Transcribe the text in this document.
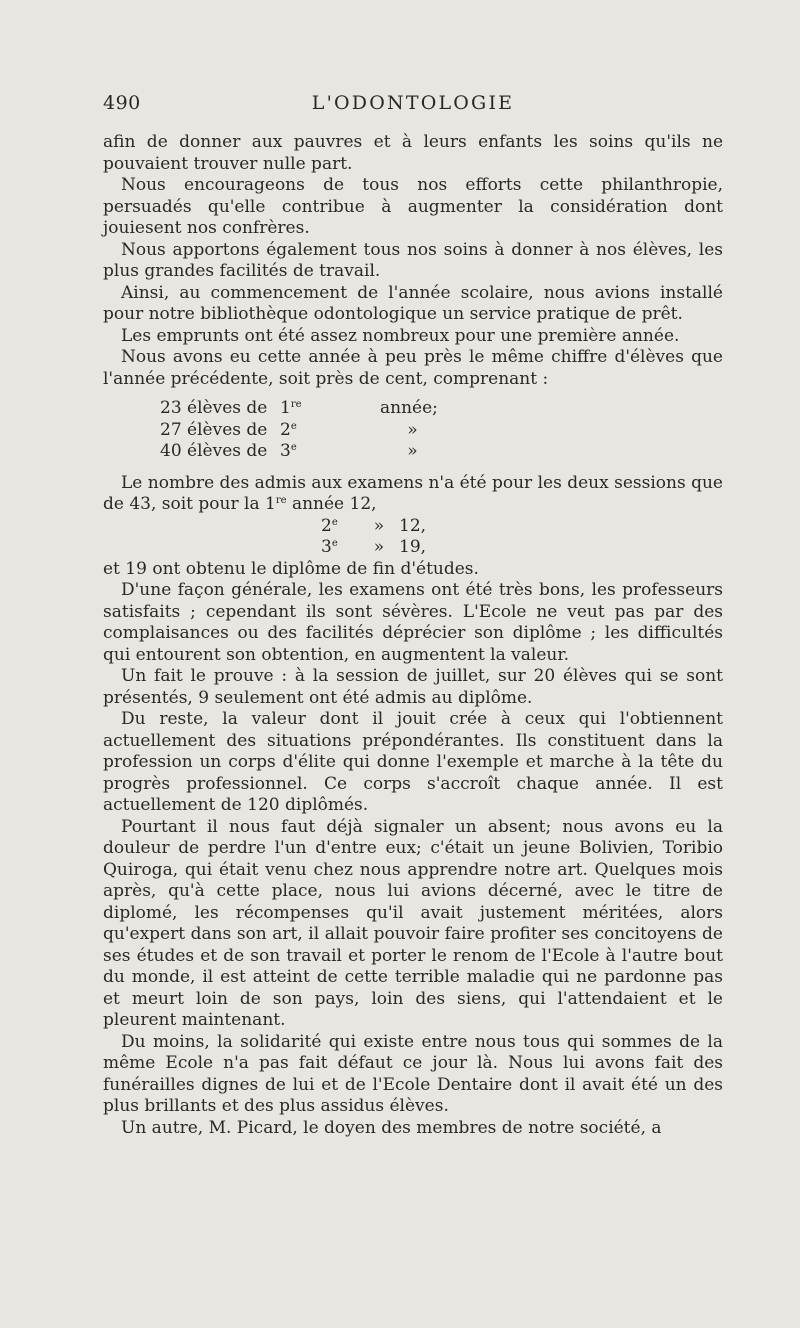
490	L'ODONTOLOGIE

afin de donner aux pauvres et à leurs enfants les soins qu'ils ne pouvaient trouver nulle part.

Nous encourageons de tous nos efforts cette philanthropie, persuadés qu'elle contribue à augmenter la considération dont jouiesent nos confrères.

Nous apportons également tous nos soins à donner à nos élèves, les plus grandes facilités de travail.

Ainsi, au commencement de l'année scolaire, nous avions installé pour notre bibliothèque odontologique un service pratique de prêt.

Les emprunts ont été assez nombreux pour une première année.

Nous avons eu cette année à peu près le même chiffre d'élèves que l'année précédente, soit près de cent, comprenant :

23 élèves de 1re	année;
27 élèves de 2e	»
40 élèves de 3e	»

Le nombre des admis aux examens n'a été pour les deux sessions que de 43, soit pour la 1re année 12,

2e	» 12,
3e	» 19,

et 19 ont obtenu le diplôme de fin d'études.

D'une façon générale, les examens ont été très bons, les professeurs satisfaits ; cependant ils sont sévères. L'Ecole ne veut pas par des complaisances ou des facilités déprécier son diplôme ; les difficultés qui entourent son obtention, en augmentent la valeur.

Un fait le prouve : à la session de juillet, sur 20 élèves qui se sont présentés, 9 seulement ont été admis au diplôme.

Du reste, la valeur dont il jouit crée à ceux qui l'obtiennent actuellement des situations prépondérantes. Ils constituent dans la profession un corps d'élite qui donne l'exemple et marche à la tête du progrès professionnel. Ce corps s'accroît chaque année. Il est actuellement de 120 diplômés.

Pourtant il nous faut déjà signaler un absent; nous avons eu la douleur de perdre l'un d'entre eux; c'était un jeune Bolivien, Toribio Quiroga, qui était venu chez nous apprendre notre art. Quelques mois après, qu'à cette place, nous lui avions décerné, avec le titre de diplomé, les récompenses qu'il avait justement méritées, alors qu'expert dans son art, il allait pouvoir faire profiter ses concitoyens de ses études et de son travail et porter le renom de l'Ecole à l'autre bout du monde, il est atteint de cette terrible maladie qui ne pardonne pas et meurt loin de son pays, loin des siens, qui l'attendaient et le pleurent maintenant.

Du moins, la solidarité qui existe entre nous tous qui sommes de la même Ecole n'a pas fait défaut ce jour là. Nous lui avons fait des funérailles dignes de lui et de l'Ecole Dentaire dont il avait été un des plus brillants et des plus assidus élèves.

Un autre, M. Picard, le doyen des membres de notre société, a
